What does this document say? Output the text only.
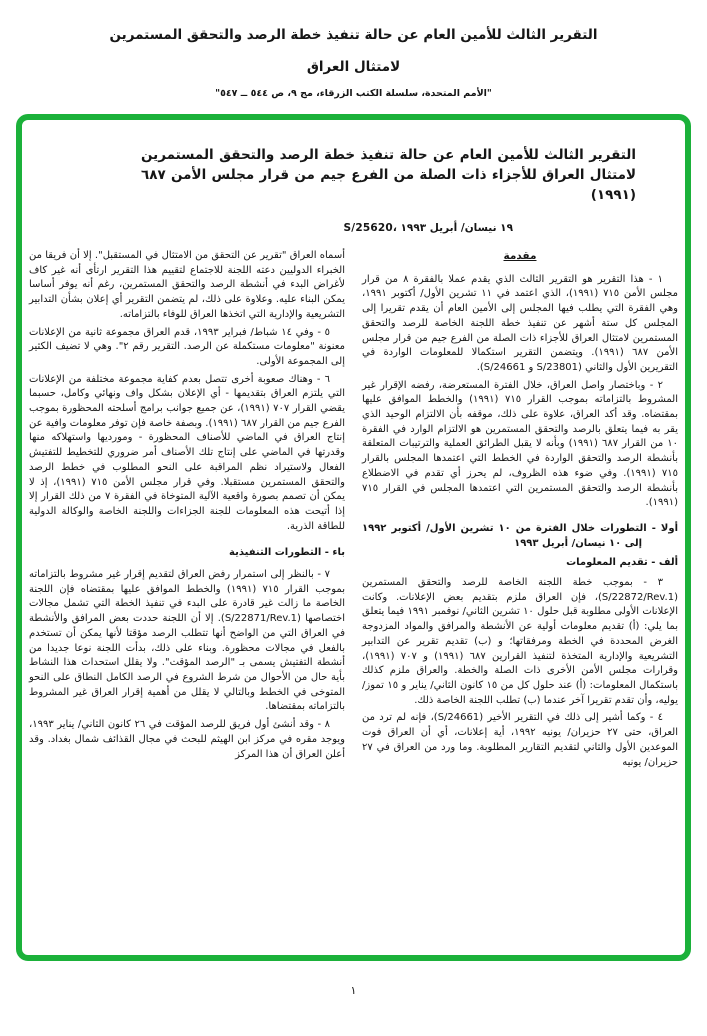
التقرير الثالث للأمين العام عن حالة تنفيذ خطة الرصد والتحقق المستمرين
لامتثال العراق
"الأمم المتحدة، سلسلة الكتب الزرقاء، مج ٩، ص ٥٤٤ ــ ٥٤٧"
التقرير الثالث للأمين العام عن حالة تنفيذ خطة الرصد والتحقق المستمرين لامتثال العراق للأجزاء ذات الصلة من الفرع جيم من قرار مجلس الأمن ٦٨٧ (١٩٩١)
S/25620، ١٩ نيسان/ أبريل ١٩٩٣
مقدمة

١ - هذا التقرير هو التقرير الثالث الذي يقدم عملا بالفقرة ٨ من قرار مجلس الأمن ٧١٥ (١٩٩١)، الذي اعتمد في ١١ تشرين الأول/ أكتوبر ١٩٩١، وهي الفقرة التي يطلب فيها المجلس إلى الأمين العام أن يقدم تقريرا إلى المجلس كل ستة أشهر عن تنفيذ خطة اللجنة الخاصة للرصد والتحقق المستمرين لامتثال العراق للأجزاء ذات الصلة من الفرع جيم من قرار مجلس الأمن ٦٨٧ (١٩٩١). ويتضمن التقرير استكمالا للمعلومات الواردة في التقريرين الأول والثاني (S/23801 و S/24661).

٢ - وباختصار واصل العراق، خلال الفترة المستعرضة، رفضه الإقرار غير المشروط بالتزاماته بموجب القرار ٧١٥ (١٩٩١) والخطط الموافق عليها بمقتضاه. وقد أكد العراق، علاوة على ذلك، موقفه بأن الالتزام الوحيد الذي يقر به فيما يتعلق بالرصد والتحقق المستمرين هو الالتزام الوارد في الفقرة ١٠ من القرار ٦٨٧ (١٩٩١) وبأنه لا يقبل الطرائق العملية والترتيبات المتعلقة بأنشطة الرصد والتحقق الواردة في الخطط التي اعتمدها المجلس بالقرار ٧١٥ (١٩٩١). وفي ضوء هذه الظروف، لم يحرز أي تقدم في الاضطلاع بأنشطة الرصد والتحقق المستمرين التي اعتمدها المجلس في القرار ٧١٥ (١٩٩١).

أولا - التطورات خلال الفترة من ١٠ تشرين الأول/ أكتوبر ١٩٩٢ إلى ١٠ نيسان/ أبريل ١٩٩٣
ألف - تقديم المعلومات

٣ - بموجب خطة اللجنة الخاصة للرصد والتحقق المستمرين (S/22872/Rev.1)، فإن العراق ملزم بتقديم بعض الإعلانات. وكانت الإعلانات الأولى مطلوبة قبل حلول ١٠ تشرين الثاني/ نوفمبر ١٩٩١ فيما يتعلق بما يلي: (أ) تقديم معلومات أولية عن الأنشطة والمرافق والمواد المزدوجة الغرض المحددة في الخطة ومرفقاتها؛ و (ب) تقديم تقرير عن التدابير التشريعية والإدارية المتخذة لتنفيذ القرارين ٦٨٧ (١٩٩١) و ٧٠٧ (١٩٩١)، وقرارات مجلس الأمن الأخرى ذات الصلة والخطة. والعراق ملزم كذلك باستكمال المعلومات: (أ) عند حلول كل من ١٥ كانون الثاني/ يناير و ١٥ تموز/ يوليه، وأن تقدم تقريرا آخر عندما (ب) تطلب اللجنة الخاصة ذلك.

٤ - وكما أشير إلى ذلك في التقرير الأخير (S/24661)، فإنه لم ترد من العراق، حتى ٢٧ حزيران/ يونيه ١٩٩٢، أية إعلانات، أي أن العراق فوت الموعدين الأول والثاني لتقديم التقارير المطلوبة. وما ورد من العراق في ٢٧ حزيران/ يونيه

أسماه العراق "تقرير عن التحقق من الامتثال في المستقبل". إلا أن فريقا من الخبراء الدوليين دعته اللجنة للاجتماع لتقييم هذا التقرير ارتأى أنه غير كاف لأغراض البدء في أنشطة الرصد والتحقق المستمرين، رغم أنه يوفر أساسا يمكن البناء عليه. وعلاوة على ذلك، لم يتضمن التقرير أي إعلان بشأن التدابير التشريعية والإدارية التي اتخذها العراق للوفاء بالتزاماته.

٥ - وفي ١٤ شباط/ فبراير ١٩٩٣، قدم العراق مجموعة ثانية من الإعلانات معنونة "معلومات مستكملة عن الرصد. التقرير رقم ٢". وهي لا تضيف الكثير إلى المجموعة الأولى.

٦ - وهناك صعوبة أخرى تتصل بعدم كفاية مجموعة مختلفة من الإعلانات التي يلتزم العراق بتقديمها - أي الإعلان بشكل واف ونهائي وكامل، حسبما يقضي القرار ٧٠٧ (١٩٩١)، عن جميع جوانب برامج أسلحته المحظورة بموجب الفرع جيم من القرار ٦٨٧ (١٩٩١). وبصفة خاصة فإن توفر معلومات وافية عن إنتاج العراق في الماضي للأصناف المحظورة - ومورديها واستهلاكه منها وقدرتها في الماضي على إنتاج تلك الأصناف أمر ضروري للتخطيط للتفتيش الفعال ولاستيراد نظم المراقبة على النحو المطلوب في خطط الرصد والتحقق المستمرين مستقبلا. وفي قرار مجلس الأمن ٧١٥ (١٩٩١)، إذ لا يمكن أن تصمم بصورة واقعية الآلية المتوخاة في الفقرة ٧ من ذلك القرار إلا إذا أتيحت هذه المعلومات للجنة الجزاءات واللجنة الخاصة والوكالة الدولية للطاقة الذرية.

باء - التطورات التنفيذية

٧ - بالنظر إلى استمرار رفض العراق لتقديم إقرار غير مشروط بالتزاماته بموجب القرار ٧١٥ (١٩٩١) والخطط الموافق عليها بمقتضاه فإن اللجنة الخاصة ما زالت غير قادرة على البدء في تنفيذ الخطة التي تشمل مجالات اختصاصها (S/22871/Rev.1). إلا أن اللجنة حددت بعض المرافق والأنشطة في العراق التي من الواضح أنها تتطلب الرصد مؤقتا لأنها يمكن أن تستخدم بالفعل في مجالات محظورة. وبناء على ذلك، بدأت اللجنة نوعا جديدا من أنشطة التفتيش يسمى بـ "الرصد المؤقت". ولا يقلل استحداث هذا النشاط بأية حال من الأحوال من شرط الشروع في الرصد الكامل النطاق على النحو المتوخى في الخطط وبالتالي لا يقلل من أهمية إقرار العراق غير المشروط بالتزاماته بمقتضاها.

٨ - وقد أنشئ أول فريق للرصد المؤقت في ٢٦ كانون الثاني/ يناير ١٩٩٣، ويوجد مقره في مركز ابن الهيثم للبحث في مجال القذائف شمال بغداد. وقد أعلن العراق أن هذا المركز

١
